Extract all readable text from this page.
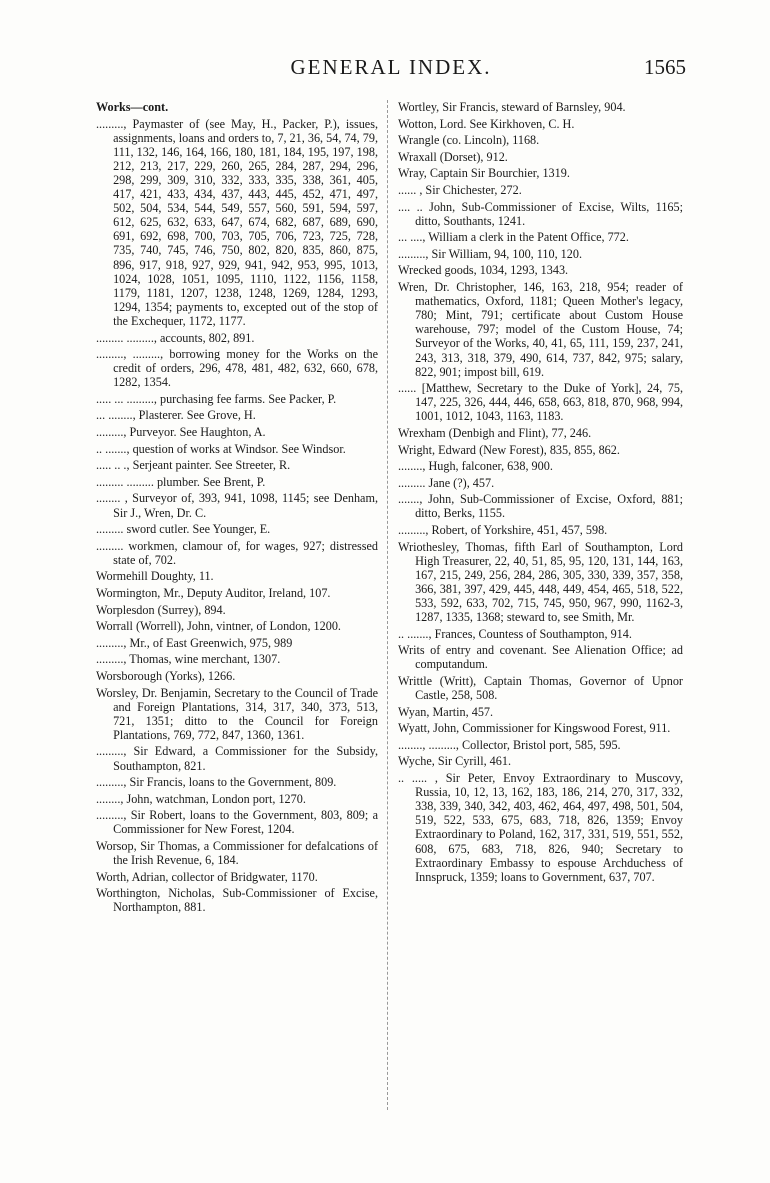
GENERAL INDEX.	1565

Works—cont.

........., Paymaster of (see May, H., Packer, P.), issues, assignments, loans and orders to, 7, 21, 36, 54, 74, 79, 111, 132, 146, 164, 166, 180, 181, 184, 195, 197, 198, 212, 213, 217, 229, 260, 265, 284, 287, 294, 296, 298, 299, 309, 310, 332, 333, 335, 338, 361, 405, 417, 421, 433, 434, 437, 443, 445, 452, 471, 497, 502, 504, 534, 544, 549, 557, 560, 591, 594, 597, 612, 625, 632, 633, 647, 674, 682, 687, 689, 690, 691, 692, 698, 700, 703, 705, 706, 723, 725, 728, 735, 740, 745, 746, 750, 802, 820, 835, 860, 875, 896, 917, 918, 927, 929, 941, 942, 953, 995, 1013, 1024, 1028, 1051, 1095, 1110, 1122, 1156, 1158, 1179, 1181, 1207, 1238, 1248, 1269, 1284, 1293, 1294, 1354; payments to, excepted out of the stop of the Exchequer, 1172, 1177.

......... ........., accounts, 802, 891.

........., ........., borrowing money for the Works on the credit of orders, 296, 478, 481, 482, 632, 660, 678, 1282, 1354.

..... ... ........., purchasing fee farms. See Packer, P.

... ........, Plasterer. See Grove, H.

........., Purveyor. See Haughton, A.

.. ......., question of works at Windsor. See Windsor.

..... .. ., Serjeant painter. See Streeter, R.

......... ......... plumber. See Brent, P.

........ , Surveyor of, 393, 941, 1098, 1145; see Denham, Sir J., Wren, Dr. C.

......... sword cutler. See Younger, E.

......... workmen, clamour of, for wages, 927; distressed state of, 702.

Wormehill Doughty, 11.

Wormington, Mr., Deputy Auditor, Ireland, 107.

Worplesdon (Surrey), 894.

Worrall (Worrell), John, vintner, of London, 1200.

........., Mr., of East Greenwich, 975, 989

........., Thomas, wine merchant, 1307.

Worsborough (Yorks), 1266.

Worsley, Dr. Benjamin, Secretary to the Council of Trade and Foreign Plantations, 314, 317, 340, 373, 513, 721, 1351; ditto to the Council for Foreign Plantations, 769, 772, 847, 1360, 1361.

........., Sir Edward, a Commissioner for the Subsidy, Southampton, 821.

........., Sir Francis, loans to the Government, 809.

........, John, watchman, London port, 1270.

........., Sir Robert, loans to the Government, 803, 809; a Commissioner for New Forest, 1204.

Worsop, Sir Thomas, a Commissioner for defalcations of the Irish Revenue, 6, 184.

Worth, Adrian, collector of Bridgwater, 1170.

Worthington, Nicholas, Sub-Commissioner of Excise, Northampton, 881.

Wortley, Sir Francis, steward of Barnsley, 904.

Wotton, Lord. See Kirkhoven, C. H.

Wrangle (co. Lincoln), 1168.

Wraxall (Dorset), 912.

Wray, Captain Sir Bourchier, 1319.

...... , Sir Chichester, 272.

.... .. John, Sub-Commissioner of Excise, Wilts, 1165; ditto, Southants, 1241.

... ...., William a clerk in the Patent Office, 772.

........., Sir William, 94, 100, 110, 120.

Wrecked goods, 1034, 1293, 1343.

Wren, Dr. Christopher, 146, 163, 218, 954; reader of mathematics, Oxford, 1181; Queen Mother's legacy, 780; Mint, 791; certificate about Custom House warehouse, 797; model of the Custom House, 74; Surveyor of the Works, 40, 41, 65, 111, 159, 237, 241, 243, 313, 318, 379, 490, 614, 737, 842, 975; salary, 822, 901; impost bill, 619.

...... [Matthew, Secretary to the Duke of York], 24, 75, 147, 225, 326, 444, 446, 658, 663, 818, 870, 968, 994, 1001, 1012, 1043, 1163, 1183.

Wrexham (Denbigh and Flint), 77, 246.

Wright, Edward (New Forest), 835, 855, 862.

........, Hugh, falconer, 638, 900.

......... Jane (?), 457.

......., John, Sub-Commissioner of Excise, Oxford, 881; ditto, Berks, 1155.

........., Robert, of Yorkshire, 451, 457, 598.

Wriothesley, Thomas, fifth Earl of Southampton, Lord High Treasurer, 22, 40, 51, 85, 95, 120, 131, 144, 163, 167, 215, 249, 256, 284, 286, 305, 330, 339, 357, 358, 366, 381, 397, 429, 445, 448, 449, 454, 465, 518, 522, 533, 592, 633, 702, 715, 745, 950, 967, 990, 1162-3, 1287, 1335, 1368; steward to, see Smith, Mr.

.. ......., Frances, Countess of Southampton, 914.

Writs of entry and covenant. See Alienation Office; ad computandum.

Writtle (Writt), Captain Thomas, Governor of Upnor Castle, 258, 508.

Wyan, Martin, 457.

Wyatt, John, Commissioner for Kingswood Forest, 911.

........, ........., Collector, Bristol port, 585, 595.

Wyche, Sir Cyrill, 461.

.. ..... , Sir Peter, Envoy Extraordinary to Muscovy, Russia, 10, 12, 13, 162, 183, 186, 214, 270, 317, 332, 338, 339, 340, 342, 403, 462, 464, 497, 498, 501, 504, 519, 522, 533, 675, 683, 718, 826, 1359; Envoy Extraordinary to Poland, 162, 317, 331, 519, 551, 552, 608, 675, 683, 718, 826, 940; Secretary to Extraordinary Embassy to espouse Archduchess of Innspruck, 1359; loans to Government, 637, 707.
